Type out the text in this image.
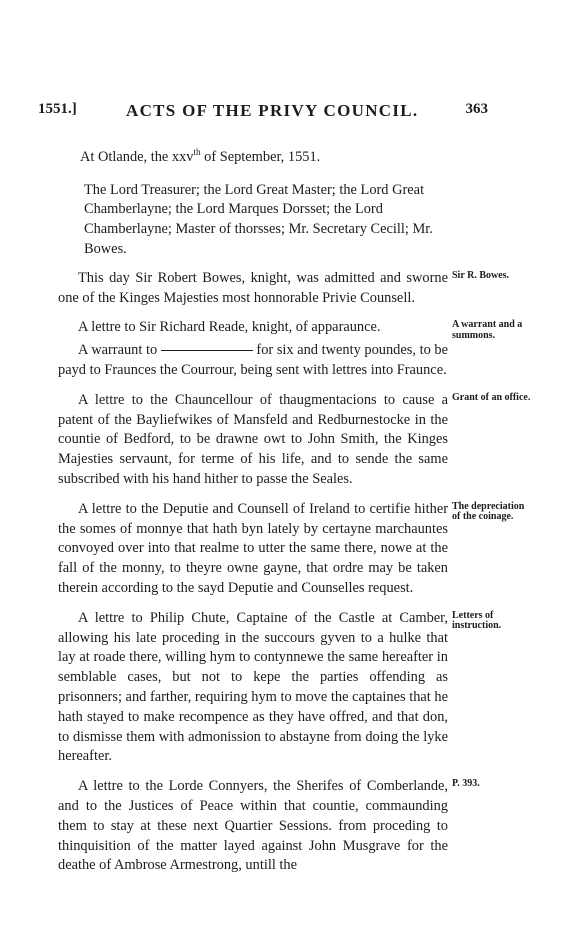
1551.]	ACTS OF THE PRIVY COUNCIL.	363

At Otlande, the xxv$^{th}$ of September, 1551.

The Lord Treasurer; the Lord Great Master; the Lord Great Chamberlayne; the Lord Marques Dorsset; the Lord Chamberlayne; Master of thorsses; Mr. Secretary Cecill; Mr. Bowes.

This day Sir Robert Bowes, knight, was admitted and sworne one of the Kinges Majesties most honnorable Privie Counsell.
Sir R. Bowes.

A lettre to Sir Richard Reade, knight, of apparaunce.	A warrant and a summons.

A warraunt to	for six and twenty poundes, to be payd to Fraunces the Courrour, being sent with lettres into Fraunce.

A lettre to the Chauncellour of thaugmentacions to cause a patent of the Bayliefwikes of Mansfeld and Redburnestocke in the countie of Bedford, to be drawne owt to John Smith, the Kinges Majesties servaunt, for terme of his life, and to sende the same subscribed with his hand hither to passe the Seales.
Grant of an office.

A lettre to the Deputie and Counsell of Ireland to certifie hither the somes of monnye that hath byn lately by certayne marchauntes convoyed over into that realme to utter the same there, nowe at the fall of the monny, to theyre owne gayne, that ordre may be taken therein according to the sayd Deputie and Counselles request.
The depreciation of the coinage.

A lettre to Philip Chute, Captaine of the Castle at Camber, allowing his late proceding in the succours gyven to a hulke that lay at roade there, willing hym to contynnewe the same hereafter in semblable cases, but not to kepe the parties offending as prisonners; and farther, requiring hym to move the captaines that he hath stayed to make recompence as they have offred, and that don, to dismisse them with admonission to abstayne from doing the lyke hereafter.
Letters of instruction.

A lettre to the Lorde Connyers, the Sherifes of Comberlande, and to the Justices of Peace within that countie, commaunding them to stay at these next Quartier Sessions. from proceding to thinquisition of the matter layed against John Musgrave for the deathe of Ambrose Armestrong, untill the
P. 393.
